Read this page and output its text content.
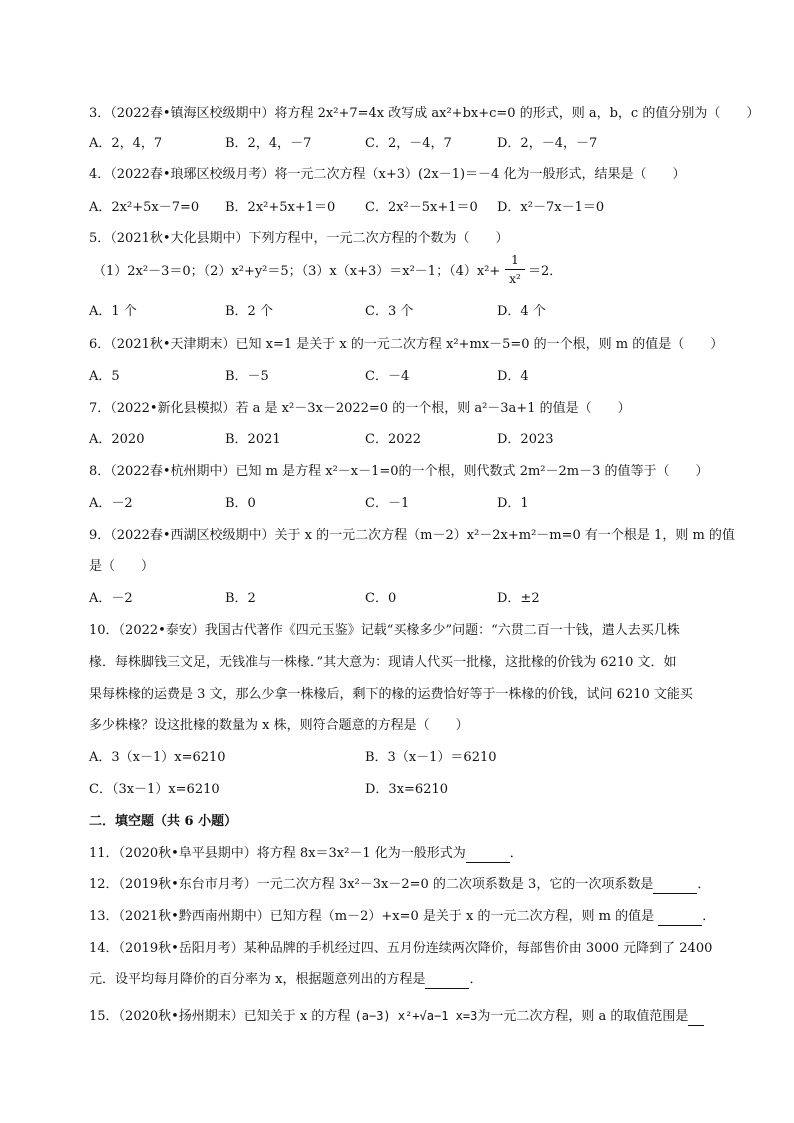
3．（2022春•镇海区校级期中）将方程 2x²+7=4x 改写成 ax²+bx+c=0 的形式，则 a，b，c 的值分别为（　　）
A．2，4，7	B．2，4，－7	C．2，－4，7	D．2，－4，－7
4．（2022春•琅琊区校级月考）将一元二次方程（x+3）(2x－1)＝－4 化为一般形式，结果是（　　）
A．2x²+5x－7=0 B．2x²+5x+1＝0 C．2x²－5x+1＝0 D．x²－7x－1＝0
5．（2021秋•大化县期中）下列方程中，一元二次方程的个数为（　　）
（1）2x²－3＝0；（2）x²+y²＝5；（3）x（x+3）＝x²－1；（4）x²+
1
x² ＝2．
A．1 个	B．2 个	C．3 个	D．4 个
6．（2021秋•天津期末）已知 x=1 是关于 x 的一元二次方程 x²+mx－5=0 的一个根，则 m 的值是（　　）
A．5	B．－5	C．－4	D．4
7．（2022•新化县模拟）若 a 是 x²－3x－2022=0 的一个根，则 a²－3a+1 的值是（　　）
A．2020	B．2021	C．2022	D．2023
8．（2022春•杭州期中）已知 m 是方程 x²－x－1=0的一个根，则代数式 2m²－2m－3 的值等于（　　）
A．－2	B．0	C．－1	D．1
9．（2022春•西湖区校级期中）关于 x 的一元二次方程（m－2）x²－2x+m²－m=0 有一个根是 1，则 m 的值
是（　　）
A．－2	B．2	C．0	D．±2
10．（2022•泰安）我国古代著作《四元玉鉴》记载“买椽多少”问题：“六贯二百一十钱，遣人去买几株
椽．每株脚钱三文足，无钱准与一株椽．”其大意为：现请人代买一批椽，这批椽的价钱为 6210 文．如
果每株椽的运费是 3 文，那么少拿一株椽后，剩下的椽的运费恰好等于一株椽的价钱，试问 6210 文能买
多少株椽？设这批椽的数量为 x 株，则符合题意的方程是（　　）
A．3（x－1）x=6210	B．3（x－1）＝6210
C．（3x－1）x=6210	D．3x=6210
二．填空题（共 6 小题）
11．（2020秋•阜平县期中）将方程 8x＝3x²－1 化为一般形式为	．
12．（2019秋•东台市月考）一元二次方程 3x²－3x－2=0 的二次项系数是 3，它的一次项系数是	．
13．（2021秋•黔西南州期中）已知方程（m－2）+x=0 是关于 x 的一元二次方程，则 m 的值是	．
14．（2019秋•岳阳月考）某种品牌的手机经过四、五月份连续两次降价，每部售价由 3000 元降到了 2400
元．设平均每月降价的百分率为 x，根据题意列出的方程是	．
15．（2020秋•扬州期末）已知关于 x 的方程 (a−3) x²+√a−1 x=3为一元二次方程，则 a 的取值范围是
